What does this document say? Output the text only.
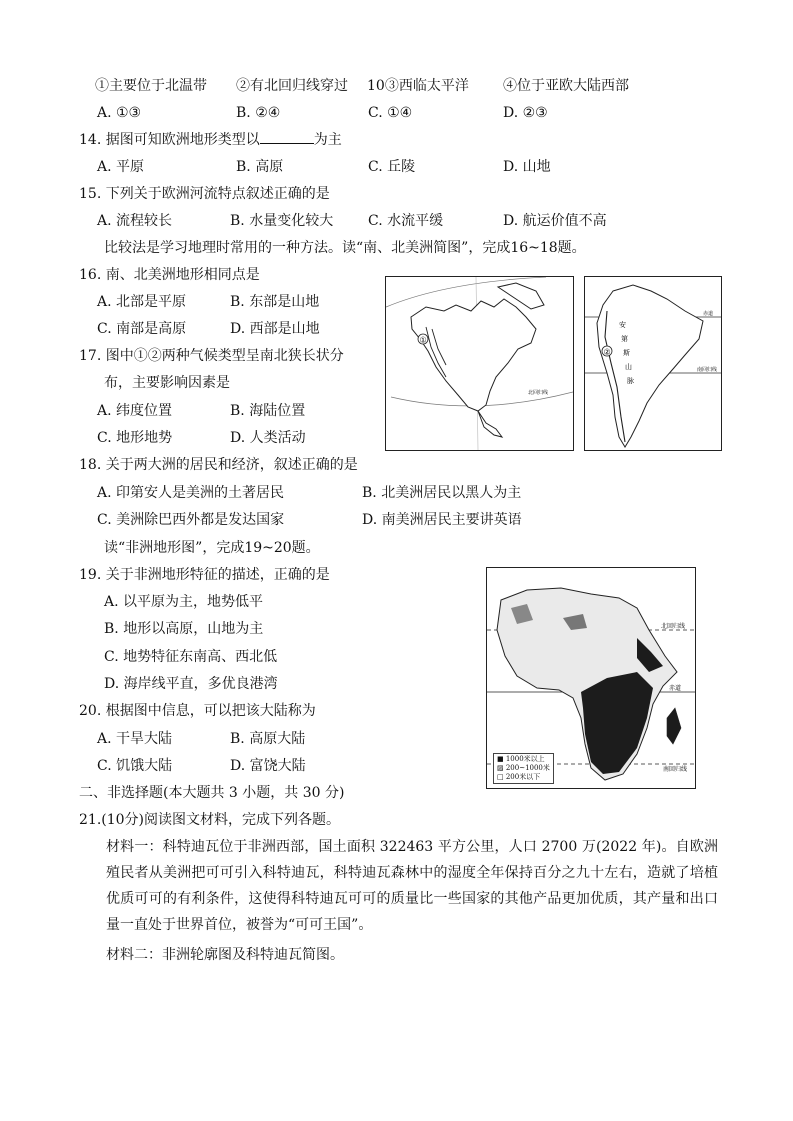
①主要位于北温带 ②有北回归线穿过 10③西临太平洋 ④位于亚欧大陆西部
A. ①③	B. ②④	C. ①④	D. ②③
14. 据图可知欧洲地形类型以	为主
A. 平原	B. 高原	C. 丘陵	D. 山地
15. 下列关于欧洲河流特点叙述正确的是
A. 流程较长	B. 水量变化较大 C. 水流平缓	D. 航运价值不高
比较法是学习地理时常用的一种方法。读“南、北美洲简图”，完成16~18题。
16. 南、北美洲地形相同点是
A. 北部是平原	B. 东部是山地
C. 南部是高原	D. 西部是山地
17. 图中①②两种气候类型呈南北狭长状分
布，主要影响因素是
A. 纬度位置	B. 海陆位置
C. 地形地势	D. 人类活动
18. 关于两大洲的居民和经济，叙述正确的是
A. 印第安人是美洲的土著居民	B. 北美洲居民以黑人为主
C. 美洲除巴西外都是发达国家	D. 南美洲居民主要讲英语
读“非洲地形图”，完成19~20题。
19. 关于非洲地形特征的描述，正确的是
A. 以平原为主，地势低平
B. 地形以高原，山地为主
C. 地势特征东南高、西北低
D. 海岸线平直，多优良港湾
20. 根据图中信息，可以把该大陆称为
A. 干旱大陆	B. 高原大陆
C. 饥饿大陆	D. 富饶大陆
二、非选择题(本大题共 3 小题，共 30 分)
21.(10分)阅读图文材料，完成下列各题。
材料一：科特迪瓦位于非洲西部，国土面积 322463 平方公里，人口 2700 万(2022 年)。自欧洲殖民者从美洲把可可引入科特迪瓦，科特迪瓦森林中的湿度全年保持百分之九十左右，造就了培植优质可可的有利条件，这使得科特迪瓦可可的质量比一些国家的其他产品更加优质，其产量和出口量一直处于世界首位，被誉为“可可王国”。
材料二：非洲轮廓图及科特迪瓦简图。
①
北回归线
②
安
第
斯
山
脉
赤道
南回归线
北回归线
赤道
南回归线
■ 1000米以上
▨ 200~1000米
□ 200米以下
